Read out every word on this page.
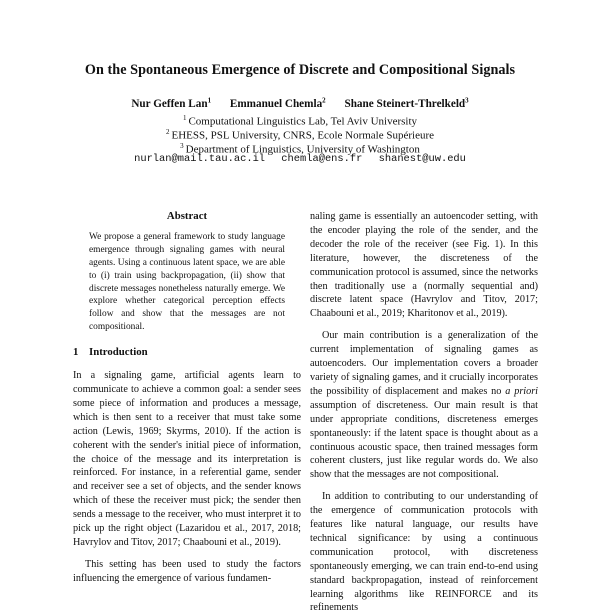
On the Spontaneous Emergence of Discrete and Compositional Signals
Nur Geffen Lan$^1$ Emmanuel Chemla$^2$ Shane Steinert-Threlkeld$^3$
$^1$ Computational Linguistics Lab, Tel Aviv University
$^2$ EHESS, PSL University, CNRS, Ecole Normale Supérieure
$^3$ Department of Linguistics, University of Washington
nurlan@mail.tau.ac.il chemla@ens.fr shanest@uw.edu
Abstract

We propose a general framework to study language emergence through signaling games with neural agents. Using a continuous latent space, we are able to (i) train using backpropagation, (ii) show that discrete messages nonetheless naturally emerge. We explore whether categorical perception effects follow and show that the messages are not compositional.

1 Introduction

In a signaling game, artificial agents learn to communicate to achieve a common goal: a sender sees some piece of information and produces a message, which is then sent to a receiver that must take some action (Lewis, 1969; Skyrms, 2010). If the action is coherent with the sender's initial piece of information, the choice of the message and its interpretation is reinforced. For instance, in a referential game, sender and receiver see a set of objects, and the sender knows which of these the receiver must pick; the sender then sends a message to the receiver, who must interpret it to pick up the right object (Lazaridou et al., 2017, 2018; Havrylov and Titov, 2017; Chaabouni et al., 2019).

This setting has been used to study the factors influencing the emergence of various fundamen-

naling game is essentially an autoencoder setting, with the encoder playing the role of the sender, and the decoder the role of the receiver (see Fig. 1). In this literature, however, the discreteness of the communication protocol is assumed, since the networks then traditionally use a (normally sequential and) discrete latent space (Havrylov and Titov, 2017; Chaabouni et al., 2019; Kharitonov et al., 2019).

Our main contribution is a generalization of the current implementation of signaling games as autoencoders. Our implementation covers a broader variety of signaling games, and it crucially incorporates the possibility of displacement and makes no a priori assumption of discreteness. Our main result is that under appropriate conditions, discreteness emerges spontaneously: if the latent space is thought about as a continuous acoustic space, then trained messages form coherent clusters, just like regular words do. We also show that the messages are not compositional.

In addition to contributing to our understanding of the emergence of communication protocols with features like natural language, our results have technical significance: by using a continuous communication protocol, with discreteness spontaneously emerging, we can train end-to-end using standard backpropagation, instead of reinforcement learning algorithms like REINFORCE and its refinements
